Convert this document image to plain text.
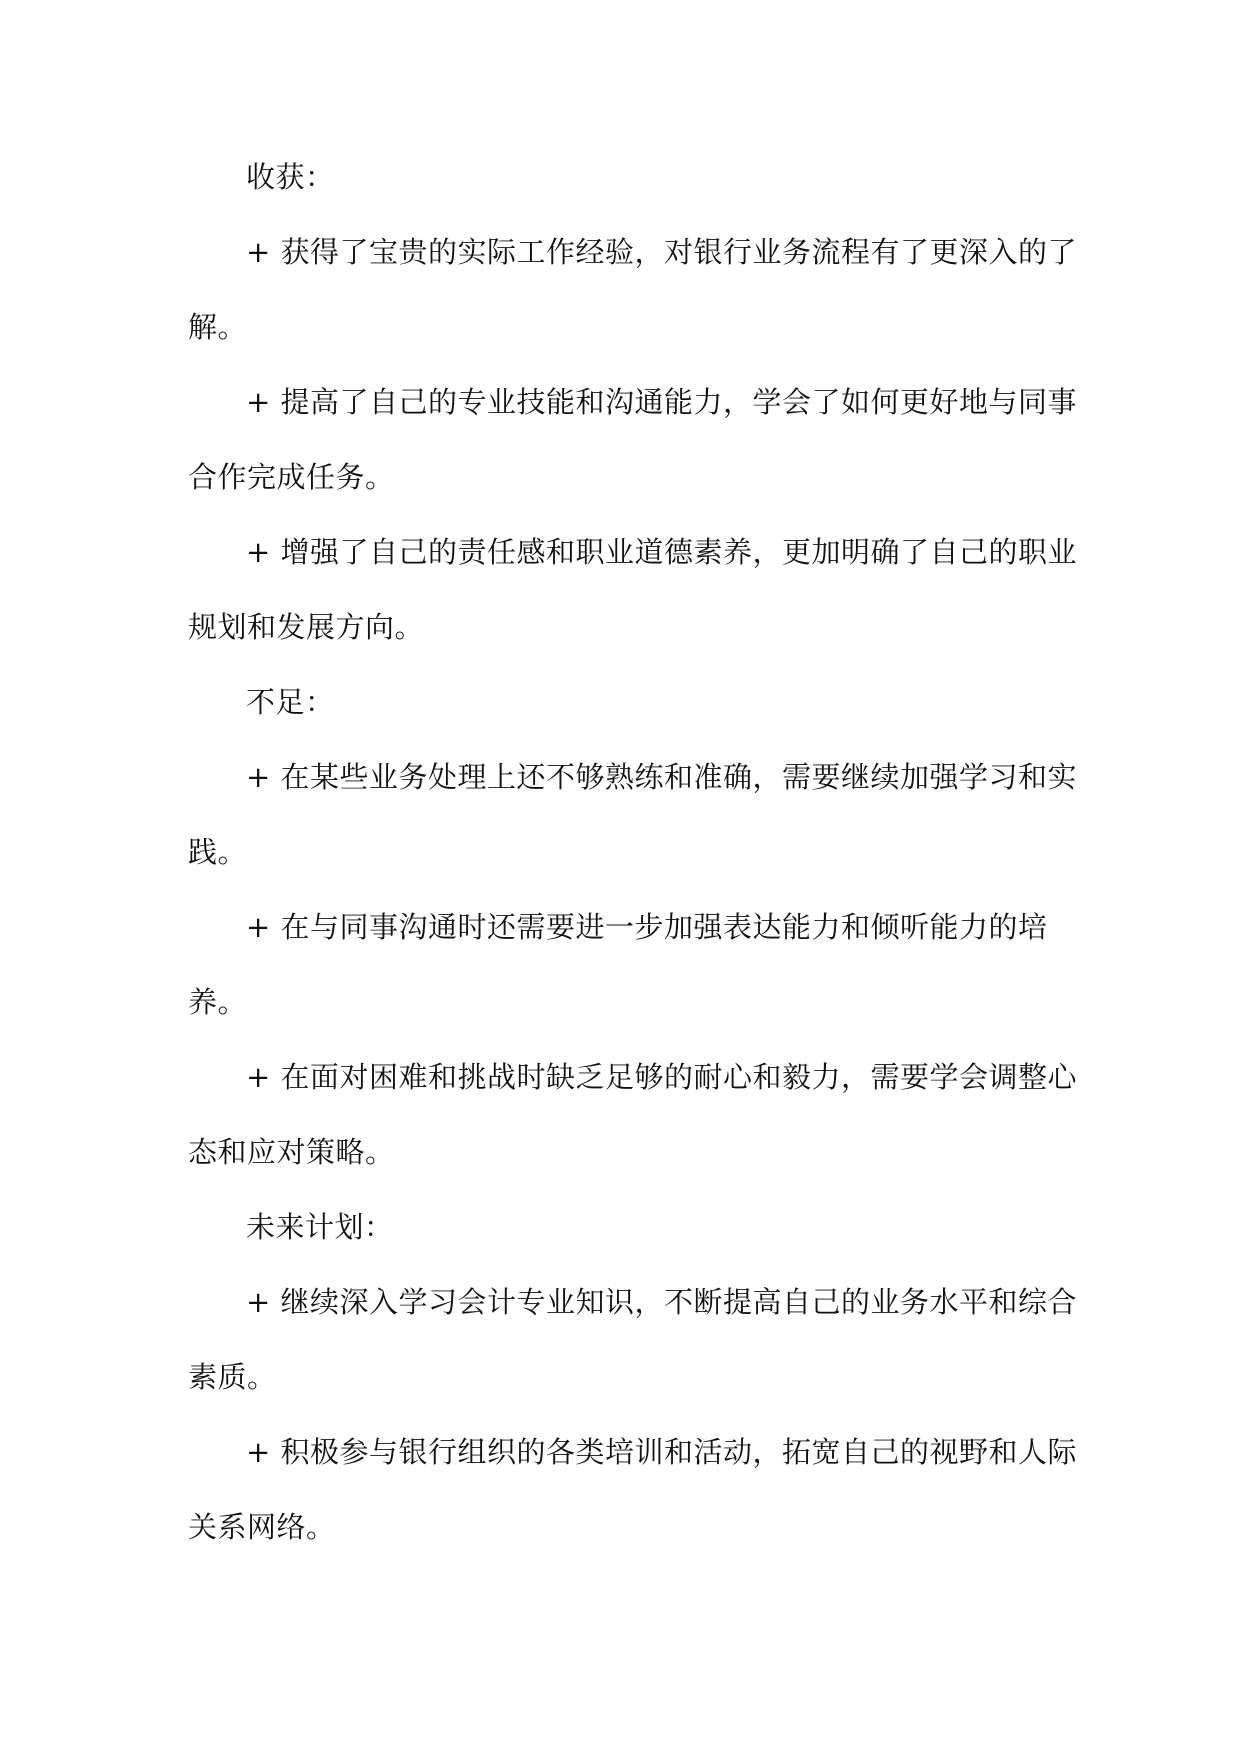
收获：
+ 获得了宝贵的实际工作经验，对银行业务流程有了更深入的了
解。
+ 提高了自己的专业技能和沟通能力，学会了如何更好地与同事
合作完成任务。
+ 增强了自己的责任感和职业道德素养，更加明确了自己的职业
规划和发展方向。
不足：
+ 在某些业务处理上还不够熟练和准确，需要继续加强学习和实
践。
+ 在与同事沟通时还需要进一步加强表达能力和倾听能力的培
养。
+ 在面对困难和挑战时缺乏足够的耐心和毅力，需要学会调整心
态和应对策略。
未来计划：
+ 继续深入学习会计专业知识，不断提高自己的业务水平和综合
素质。
+ 积极参与银行组织的各类培训和活动，拓宽自己的视野和人际
关系网络。
